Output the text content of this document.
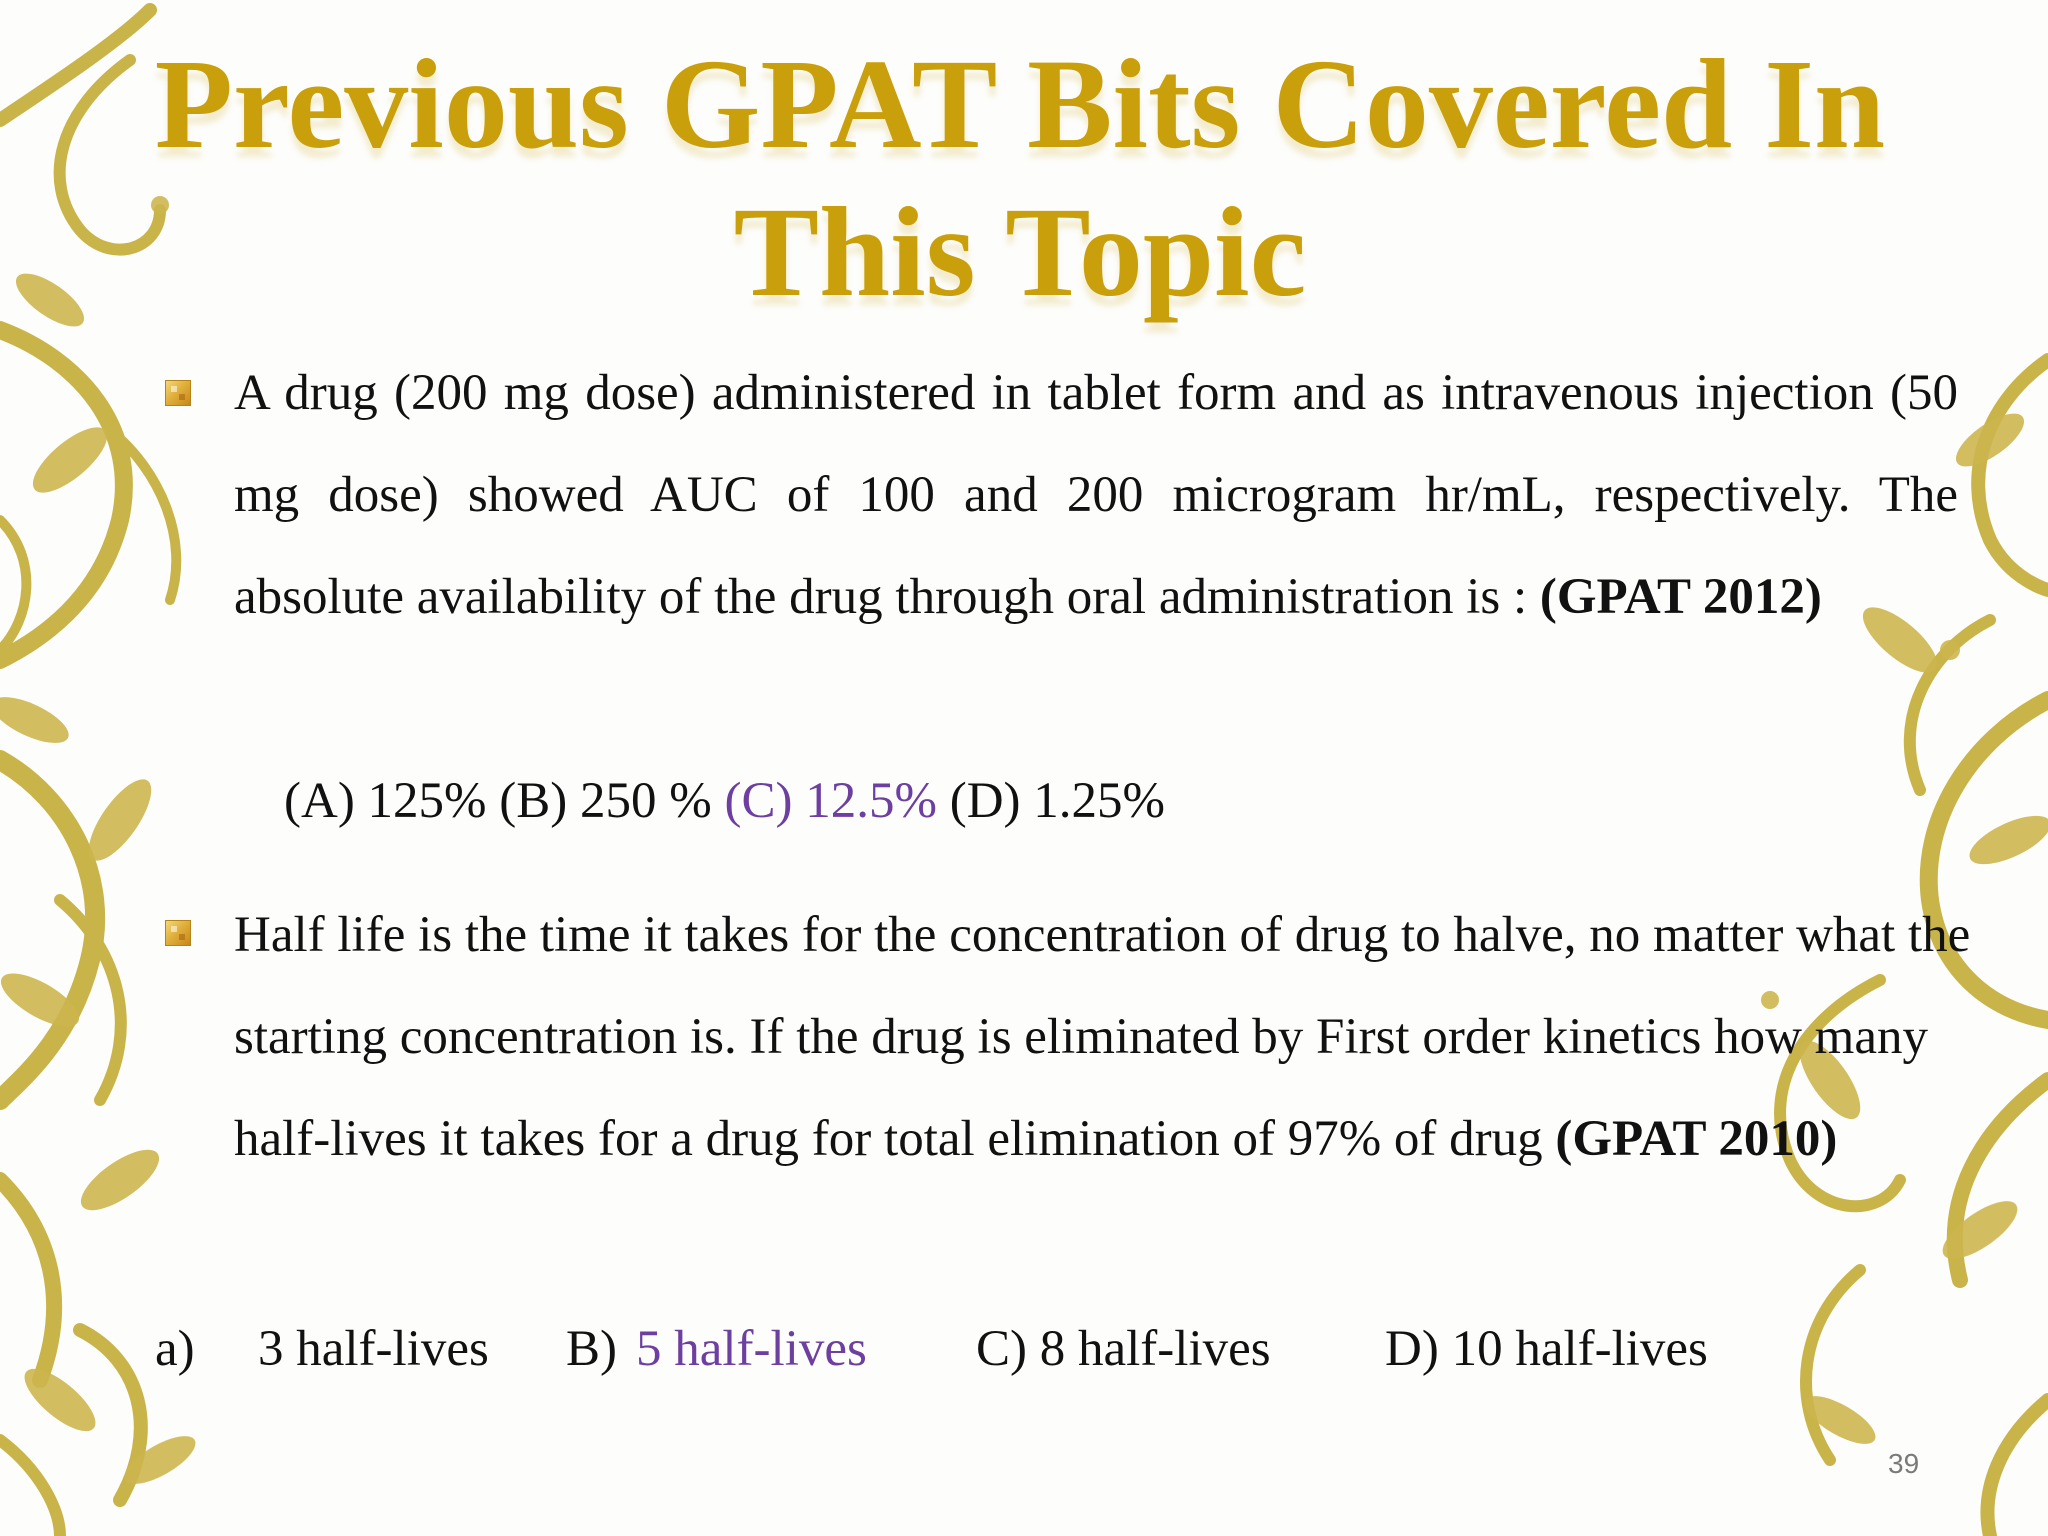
Previous GPAT Bits Covered In
This Topic
A drug (200 mg dose) administered in tablet form and as intravenous injection (50 mg dose) showed AUC of 100 and 200 microgram hr/mL, respectively. The absolute availability of the drug through oral administration is : (GPAT 2012)
(A) 125% (B) 250 % (C) 12.5% (D) 1.25%
Half life is the time it takes for the concentration of drug to halve, no matter what the starting concentration is. If the drug is eliminated by First order kinetics how many half-lives it takes for a drug for total elimination of 97% of drug (GPAT 2010)
a) 3 half-lives B) 5 half-lives C) 8 half-lives D) 10 half-lives
39
